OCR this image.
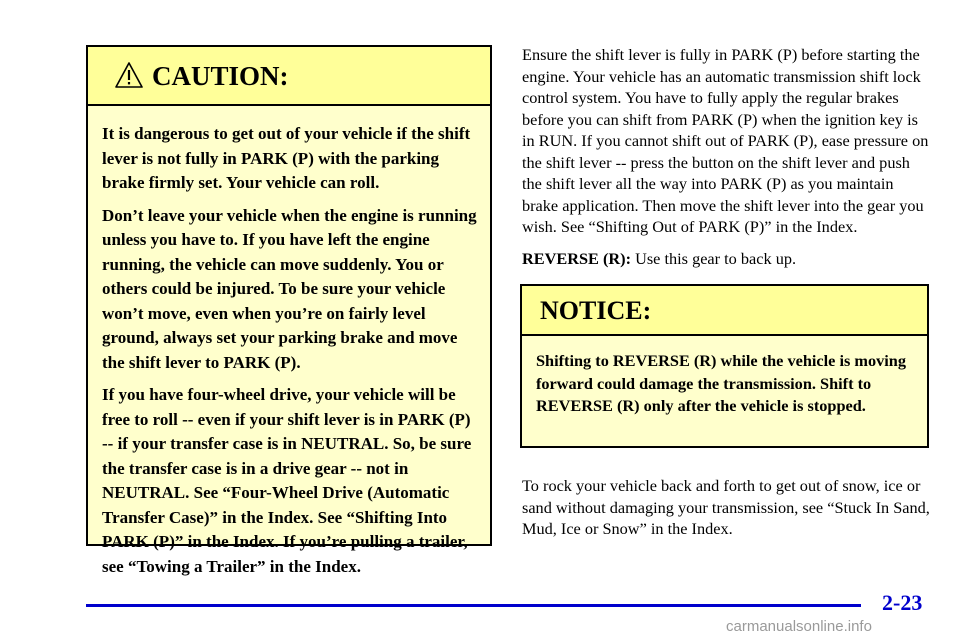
CAUTION:

It is dangerous to get out of your vehicle if the shift lever is not fully in PARK (P) with the parking brake firmly set. Your vehicle can roll.

Don’t leave your vehicle when the engine is running unless you have to. If you have left the engine running, the vehicle can move suddenly. You or others could be injured. To be sure your vehicle won’t move, even when you’re on fairly level ground, always set your parking brake and move the shift lever to PARK (P).

If you have four-wheel drive, your vehicle will be free to roll -- even if your shift lever is in PARK (P) -- if your transfer case is in NEUTRAL. So, be sure the transfer case is in a drive gear -- not in NEUTRAL. See “Four-Wheel Drive (Automatic Transfer Case)” in the Index. See “Shifting Into PARK (P)” in the Index. If you’re pulling a trailer, see “Towing a Trailer” in the Index.

Ensure the shift lever is fully in PARK (P) before starting the engine. Your vehicle has an automatic transmission shift lock control system. You have to fully apply the regular brakes before you can shift from PARK (P) when the ignition key is in RUN. If you cannot shift out of PARK (P), ease pressure on the shift lever -- press the button on the shift lever and push the shift lever all the way into PARK (P) as you maintain brake application. Then move the shift lever into the gear you wish. See “Shifting Out of PARK (P)” in the Index.

REVERSE (R): Use this gear to back up.

NOTICE:

Shifting to REVERSE (R) while the vehicle is moving forward could damage the transmission. Shift to REVERSE (R) only after the vehicle is stopped.

To rock your vehicle back and forth to get out of snow, ice or sand without damaging your transmission, see “Stuck In Sand, Mud, Ice or Snow” in the Index.

2-23
carmanualsonline.info
